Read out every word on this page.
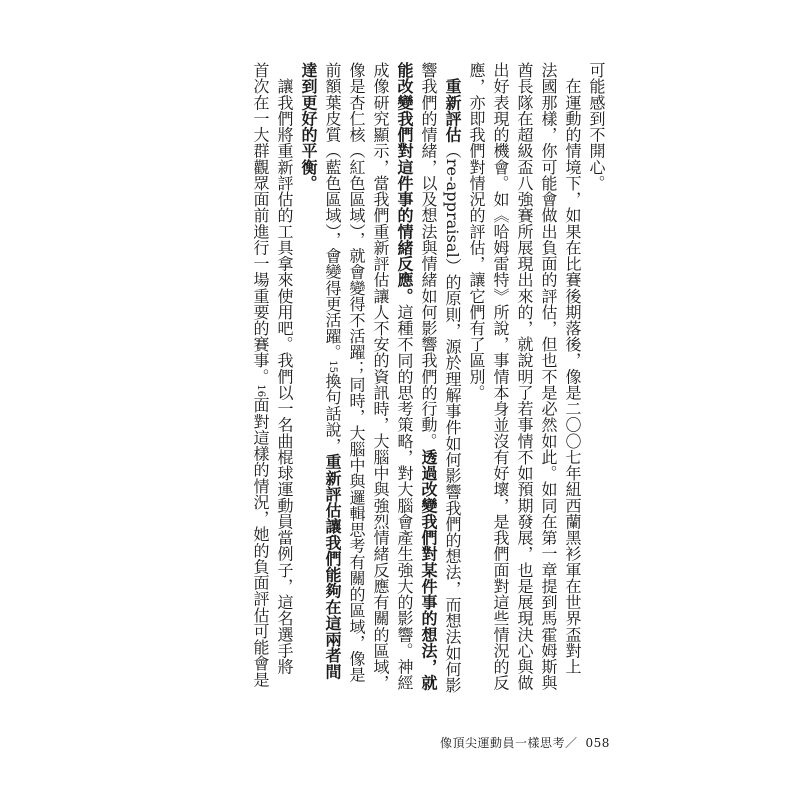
可能感到不開心。
　在運動的情境下，如果在比賽後期落後，像是二〇〇七年紐西蘭黑衫軍在世界盃對上
法國那樣，你可能會做出負面的評估，但也不是必然如此。如同在第一章提到馬霍姆斯與
酋長隊在超級盃八強賽所展現出來的，就說明了若事情不如預期發展，也是展現決心與做
出好表現的機會。如《哈姆雷特》所說，事情本身並沒有好壞，是我們面對這些情況的反
應，亦即我們對情況的評估，讓它們有了區別。
　重新評估（re-appraisal）的原則，源於理解事件如何影響我們的想法，而想法如何影
響我們的情緒，以及想法與情緒如何影響我們的行動。透過改變我們對某件事的想法，就
能改變我們對這件事的情緒反應。這種不同的思考策略，對大腦會產生強大的影響。神經
成像研究顯示，當我們重新評估讓人不安的資訊時，大腦中與強烈情緒反應有關的區域，
像是杏仁核（紅色區域），就會變得不活躍；同時，大腦中與邏輯思考有關的區域，像是
前額葉皮質（藍色區域），會變得更活躍。15換句話說，重新評估讓我們能夠在這兩者間
達到更好的平衡。
　讓我們將重新評估的工具拿來使用吧。我們以一名曲棍球運動員當例子，這名選手將
首次在一大群觀眾面前進行一場重要的賽事。16面對這樣的情況，她的負面評估可能會是
像頂尖運動員一樣思考／ 058
